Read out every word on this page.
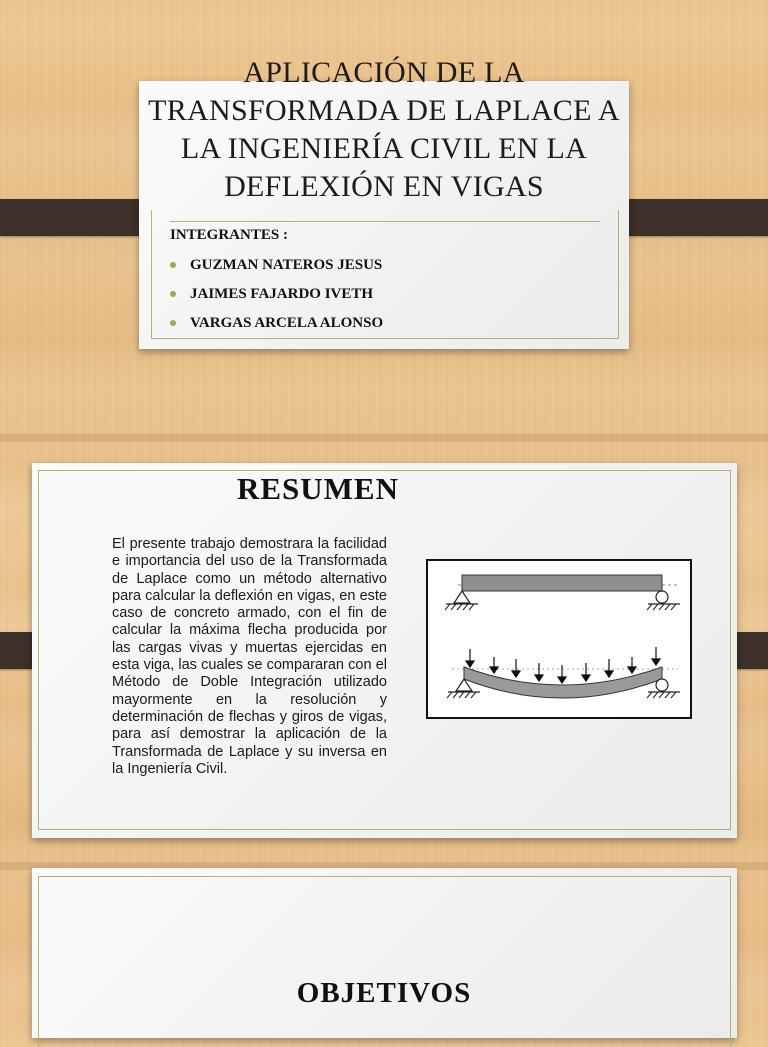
APLICACIÓN DE LA
TRANSFORMADA DE LAPLACE A
LA INGENIERÍA CIVIL EN LA
DEFLEXIÓN EN VIGAS
INTEGRANTES :
GUZMAN NATEROS JESUS
JAIMES FAJARDO IVETH
VARGAS ARCELA ALONSO
RESUMEN

El presente trabajo demostrara la facilidad e importancia del uso de la Transformada de Laplace como un método alternativo para calcular la deflexión en vigas, en este caso de concreto armado, con el fin de calcular la máxima flecha producida por las cargas vivas y muertas ejercidas en esta viga, las cuales se compararan con el Método de Doble Integración utilizado mayormente en la resolución y determinación de flechas y giros de vigas, para así demostrar la aplicación de la Transformada de Laplace y su inversa en la Ingeniería Civil.

OBJETIVOS
